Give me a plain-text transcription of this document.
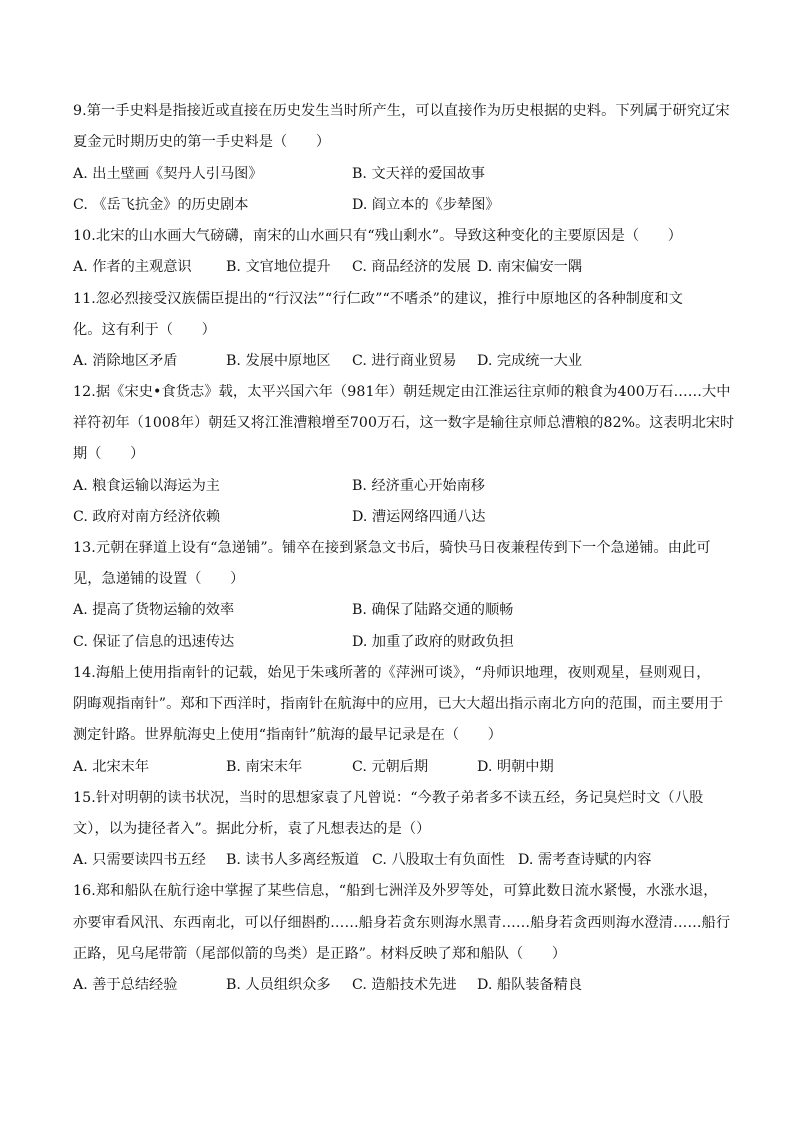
9.第一手史料是指接近或直接在历史发生当时所产生，可以直接作为历史根据的史料。下列属于研究辽宋
夏金元时期历史的第一手史料是（　　）
A. 出土壁画《契丹人引马图》	B. 文天祥的爱国故事
C. 《岳飞抗金》的历史剧本	D. 阎立本的《步辇图》
10.北宋的山水画大气磅礴，南宋的山水画只有“残山剩水”。导致这种变化的主要原因是（　　）
A. 作者的主观意识 B. 文官地位提升 C. 商品经济的发展 D. 南宋偏安一隅
11.忽必烈接受汉族儒臣提出的“行汉法”“行仁政”“不嗜杀”的建议，推行中原地区的各种制度和文
化。这有利于（　　）
A. 消除地区矛盾	B. 发展中原地区 C. 进行商业贸易 D. 完成统一大业
12.据《宋史•食货志》载，太平兴国六年（981年）朝廷规定由江淮运往京师的粮食为400万石……大中
祥符初年（1008年）朝廷又将江淮漕粮增至700万石，这一数字是输往京师总漕粮的82%。这表明北宋时
期（　　）
A. 粮食运输以海运为主	B. 经济重心开始南移
C. 政府对南方经济依赖	D. 漕运网络四通八达
13.元朝在驿道上设有“急递铺”。铺卒在接到紧急文书后，骑快马日夜兼程传到下一个急递铺。由此可
见，急递铺的设置（　　）
A. 提高了货物运输的效率	B. 确保了陆路交通的顺畅
C. 保证了信息的迅速传达	D. 加重了政府的财政负担
14.海船上使用指南针的记载，始见于朱彧所著的《萍洲可谈》，“舟师识地理，夜则观星，昼则观日，
阴晦观指南针”。郑和下西洋时，指南针在航海中的应用，已大大超出指示南北方向的范围，而主要用于
测定针路。世界航海史上使用“指南针”航海的最早记录是在（　　）
A. 北宋末年	B. 南宋末年	C. 元朝后期	D. 明朝中期
15.针对明朝的读书状况，当时的思想家袁了凡曾说：“今教子弟者多不读五经，务记臭烂时文（八股
文），以为捷径者入”。据此分析，袁了凡想表达的是（）
A. 只需要读四书五经 B. 读书人多离经叛道 C. 八股取士有负面性 D. 需考查诗赋的内容
16.郑和船队在航行途中掌握了某些信息，“船到七洲洋及外罗等处，可算此数日流水紧慢，水涨水退，
亦要审看风汛、东西南北，可以仔细斟酌……船身若贪东则海水黑青……船身若贪西则海水澄清……船行
正路，见乌尾带箭（尾部似箭的鸟类）是正路”。材料反映了郑和船队（　　）
A. 善于总结经验	B. 人员组织众多 C. 造船技术先进 D. 船队装备精良
